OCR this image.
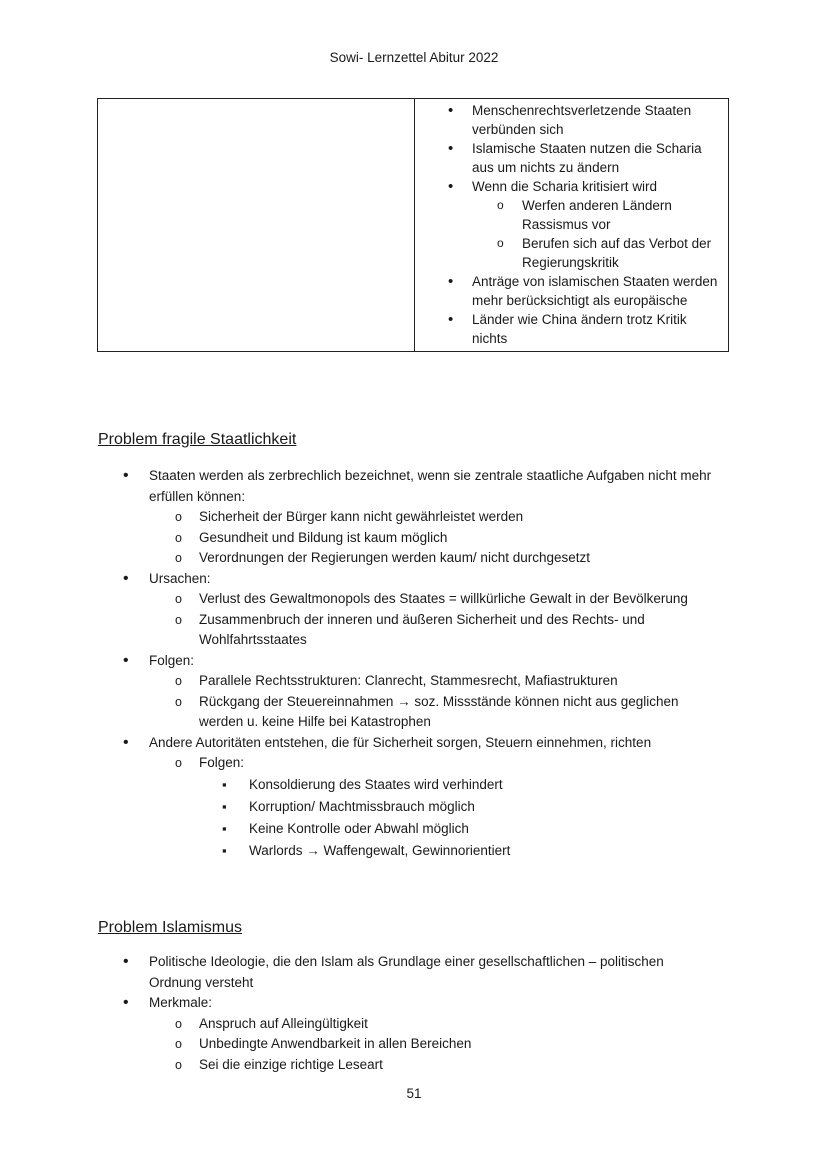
Sowi- Lernzettel Abitur 2022

• Menschenrechtsverletzende Staaten verbünden sich
• Islamische Staaten nutzen die Scharia aus um nichts zu ändern
• Wenn die Scharia kritisiert wird
o Werfen anderen Ländern Rassismus vor
o Berufen sich auf das Verbot der Regierungskritik
• Anträge von islamischen Staaten werden mehr berücksichtigt als europäische
• Länder wie China ändern trotz Kritik nichts
Problem fragile Staatlichkeit
• Staaten werden als zerbrechlich bezeichnet, wenn sie zentrale staatliche Aufgaben nicht mehr erfüllen können:
o Sicherheit der Bürger kann nicht gewährleistet werden
o Gesundheit und Bildung ist kaum möglich
o Verordnungen der Regierungen werden kaum/ nicht durchgesetzt
• Ursachen:
o Verlust des Gewaltmonopols des Staates = willkürliche Gewalt in der Bevölkerung
o Zusammenbruch der inneren und äußeren Sicherheit und des Rechts- und Wohlfahrtsstaates
• Folgen:
o Parallele Rechtsstrukturen: Clanrecht, Stammesrecht, Mafiastrukturen
o Rückgang der Steuereinnahmen → soz. Missstände können nicht aus geglichen werden u. keine Hilfe bei Katastrophen
• Andere Autoritäten entstehen, die für Sicherheit sorgen, Steuern einnehmen, richten
o Folgen:
▪ Konsoldierung des Staates wird verhindert
▪ Korruption/ Machtmissbrauch möglich
▪ Keine Kontrolle oder Abwahl möglich
▪ Warlords → Waffengewalt, Gewinnorientiert
Problem Islamismus
• Politische Ideologie, die den Islam als Grundlage einer gesellschaftlichen – politischen Ordnung versteht
• Merkmale:
o Anspruch auf Alleingültigkeit
o Unbedingte Anwendbarkeit in allen Bereichen
o Sei die einzige richtige Leseart
51
